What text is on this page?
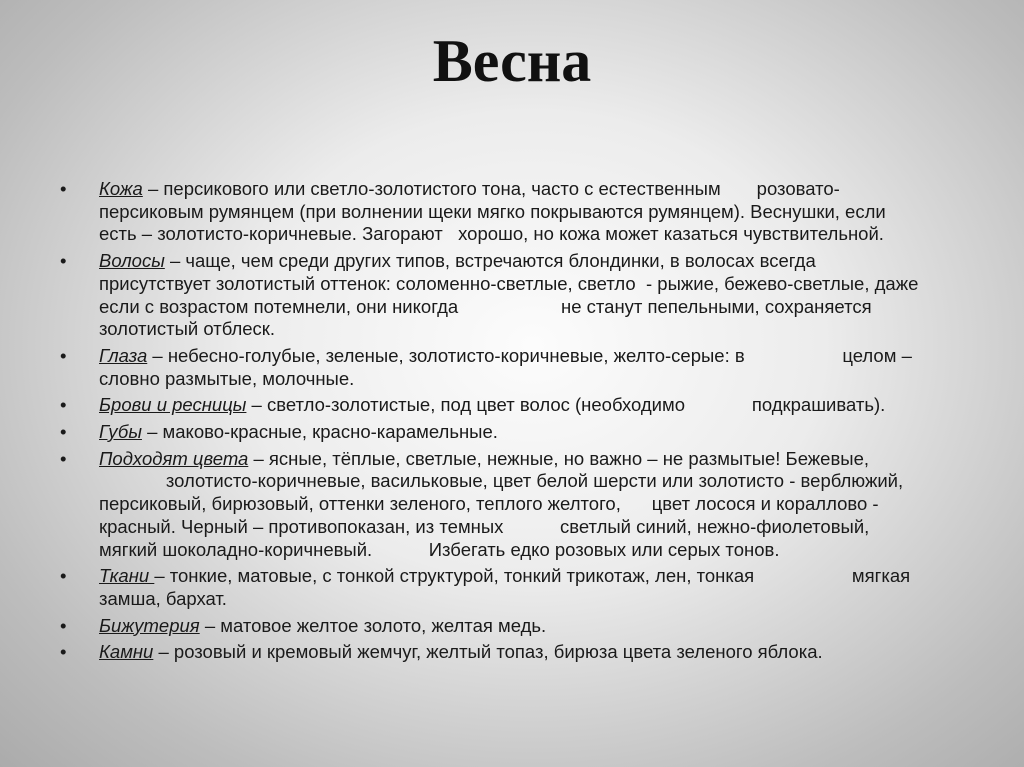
Весна
•	Кожа – персикового или светло-золотистого тона, часто с естественным       розовато-
персиковым румянцем (при волнении щеки мягко покрываются румянцем). Веснушки, если
есть – золотисто-коричневые. Загорают   хорошо, но кожа может казаться чувствительной.
•	Волосы – чаще, чем среди других типов, встречаются блондинки, в волосах всегда
присутствует золотистый оттенок: соломенно-светлые, светло  - рыжие, бежево-светлые, даже
если с возрастом потемнели, они никогда                    не станут пепельными, сохраняется
золотистый отблеск.
•	Глаза – небесно-голубые, зеленые, золотисто-коричневые, желто-серые: в                   целом –
словно размытые, молочные.
•	Брови и ресницы – светло-золотистые, под цвет волос (необходимо             подкрашивать).
•	Губы – маково-красные, красно-карамельные.
•	Подходят цвета – ясные, тёплые, светлые, нежные, но важно – не размытые! Бежевые,
золотисто-коричневые, васильковые, цвет белой шерсти или золотисто - верблюжий,
персиковый, бирюзовый, оттенки зеленого, теплого желтого,      цвет лосося и кораллово -
красный. Черный – противопоказан, из темных           светлый синий, нежно-фиолетовый,
мягкий шоколадно-коричневый.           Избегать едко розовых или серых тонов.
•	Ткани – тонкие, матовые, с тонкой структурой, тонкий трикотаж, лен, тонкая                   мягкая
замша, бархат.
•	Бижутерия – матовое желтое золото, желтая медь.
•	Камни – розовый и кремовый жемчуг, желтый топаз, бирюза цвета зеленого яблока.
